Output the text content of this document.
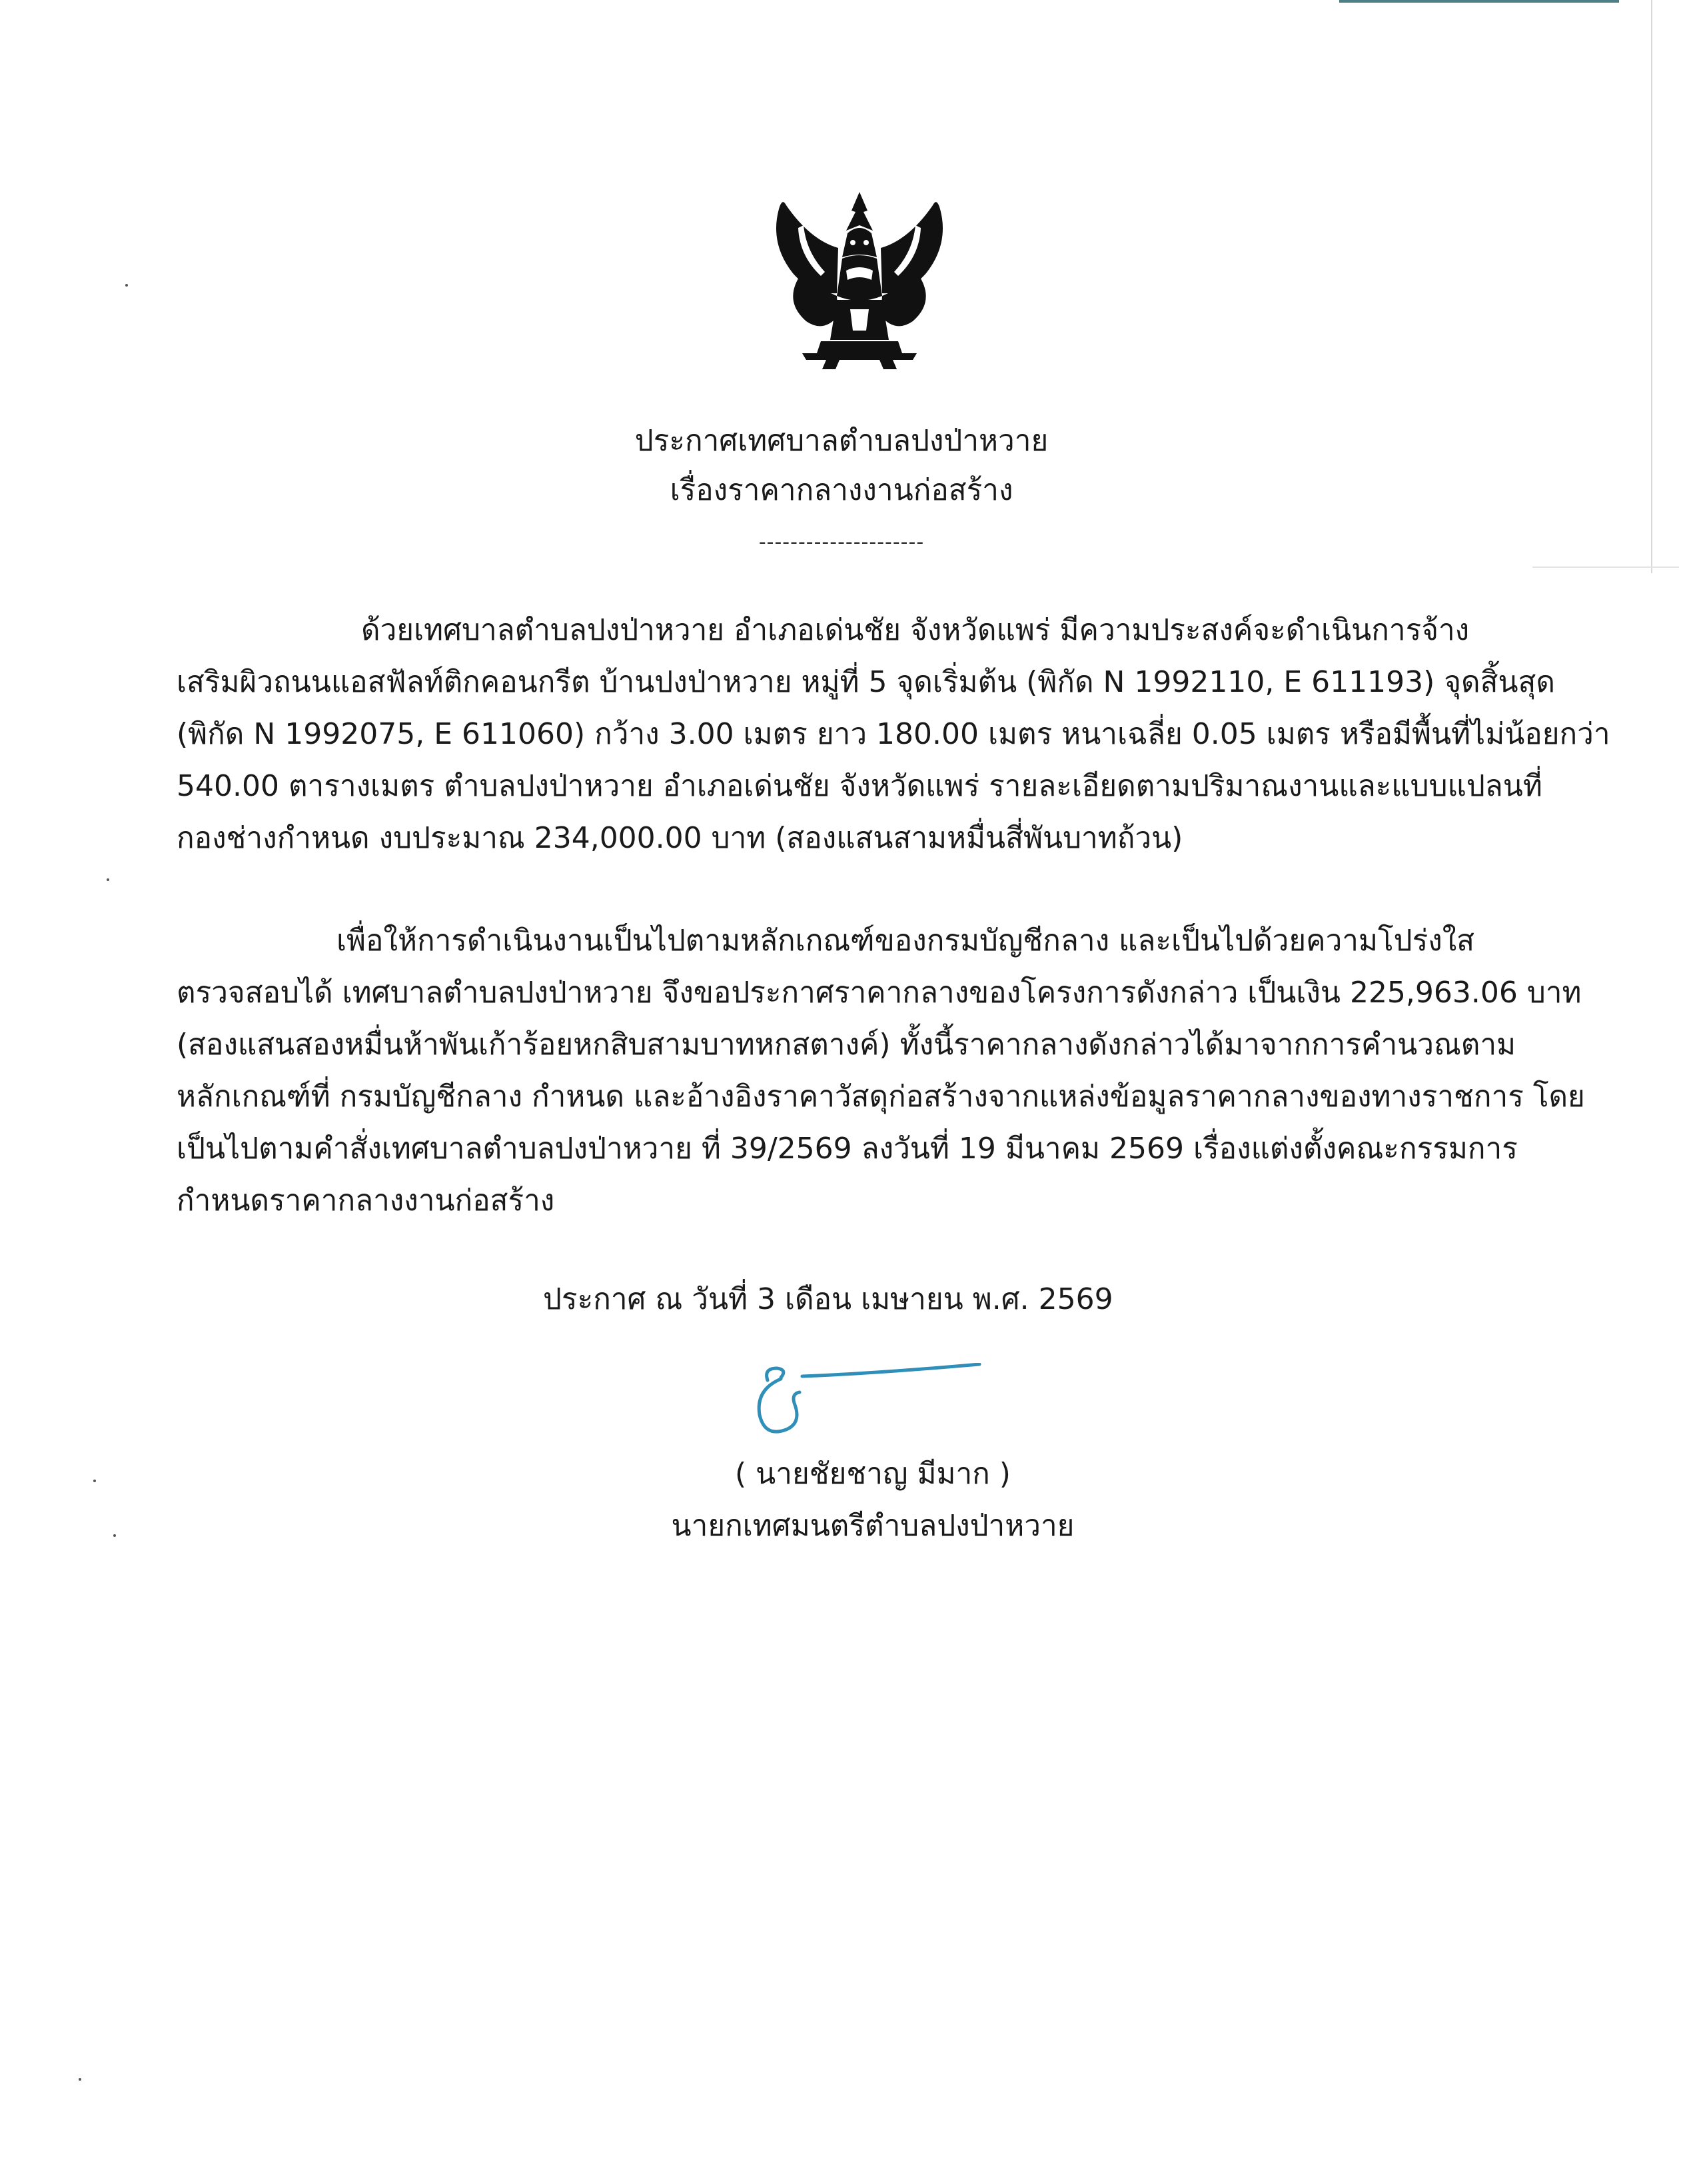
ประกาศเทศบาลตำบลปงป่าหวาย
เรื่องราคากลางงานก่อสร้าง
---------------------
ด้วยเทศบาลตำบลปงป่าหวาย อำเภอเด่นชัย จังหวัดแพร่ มีความประสงค์จะดำเนินการจ้าง
เสริมผิวถนนแอสฟัลท์ติกคอนกรีต บ้านปงป่าหวาย หมู่ที่ 5 จุดเริ่มต้น (พิกัด N 1992110, E 611193) จุดสิ้นสุด
(พิกัด N 1992075, E 611060) กว้าง 3.00 เมตร ยาว 180.00 เมตร หนาเฉลี่ย 0.05 เมตร หรือมีพื้นที่ไม่น้อยกว่า
540.00 ตารางเมตร ตำบลปงป่าหวาย อำเภอเด่นชัย จังหวัดแพร่ รายละเอียดตามปริมาณงานและแบบแปลนที่
กองช่างกำหนด งบประมาณ 234,000.00 บาท (สองแสนสามหมื่นสี่พันบาทถ้วน)
เพื่อให้การดำเนินงานเป็นไปตามหลักเกณฑ์ของกรมบัญชีกลาง และเป็นไปด้วยความโปร่งใส
ตรวจสอบได้ เทศบาลตำบลปงป่าหวาย จึงขอประกาศราคากลางของโครงการดังกล่าว เป็นเงิน 225,963.06 บาท
(สองแสนสองหมื่นห้าพันเก้าร้อยหกสิบสามบาทหกสตางค์) ทั้งนี้ราคากลางดังกล่าวได้มาจากการคำนวณตาม
หลักเกณฑ์ที่ กรมบัญชีกลาง กำหนด และอ้างอิงราคาวัสดุก่อสร้างจากแหล่งข้อมูลราคากลางของทางราชการ โดย
เป็นไปตามคำสั่งเทศบาลตำบลปงป่าหวาย ที่ 39/2569 ลงวันที่ 19 มีนาคม 2569 เรื่องแต่งตั้งคณะกรรมการ
กำหนดราคากลางงานก่อสร้าง
ประกาศ ณ วันที่ 3 เดือน เมษายน พ.ศ. 2569
( นายชัยชาญ มีมาก )
นายกเทศมนตรีตำบลปงป่าหวาย
